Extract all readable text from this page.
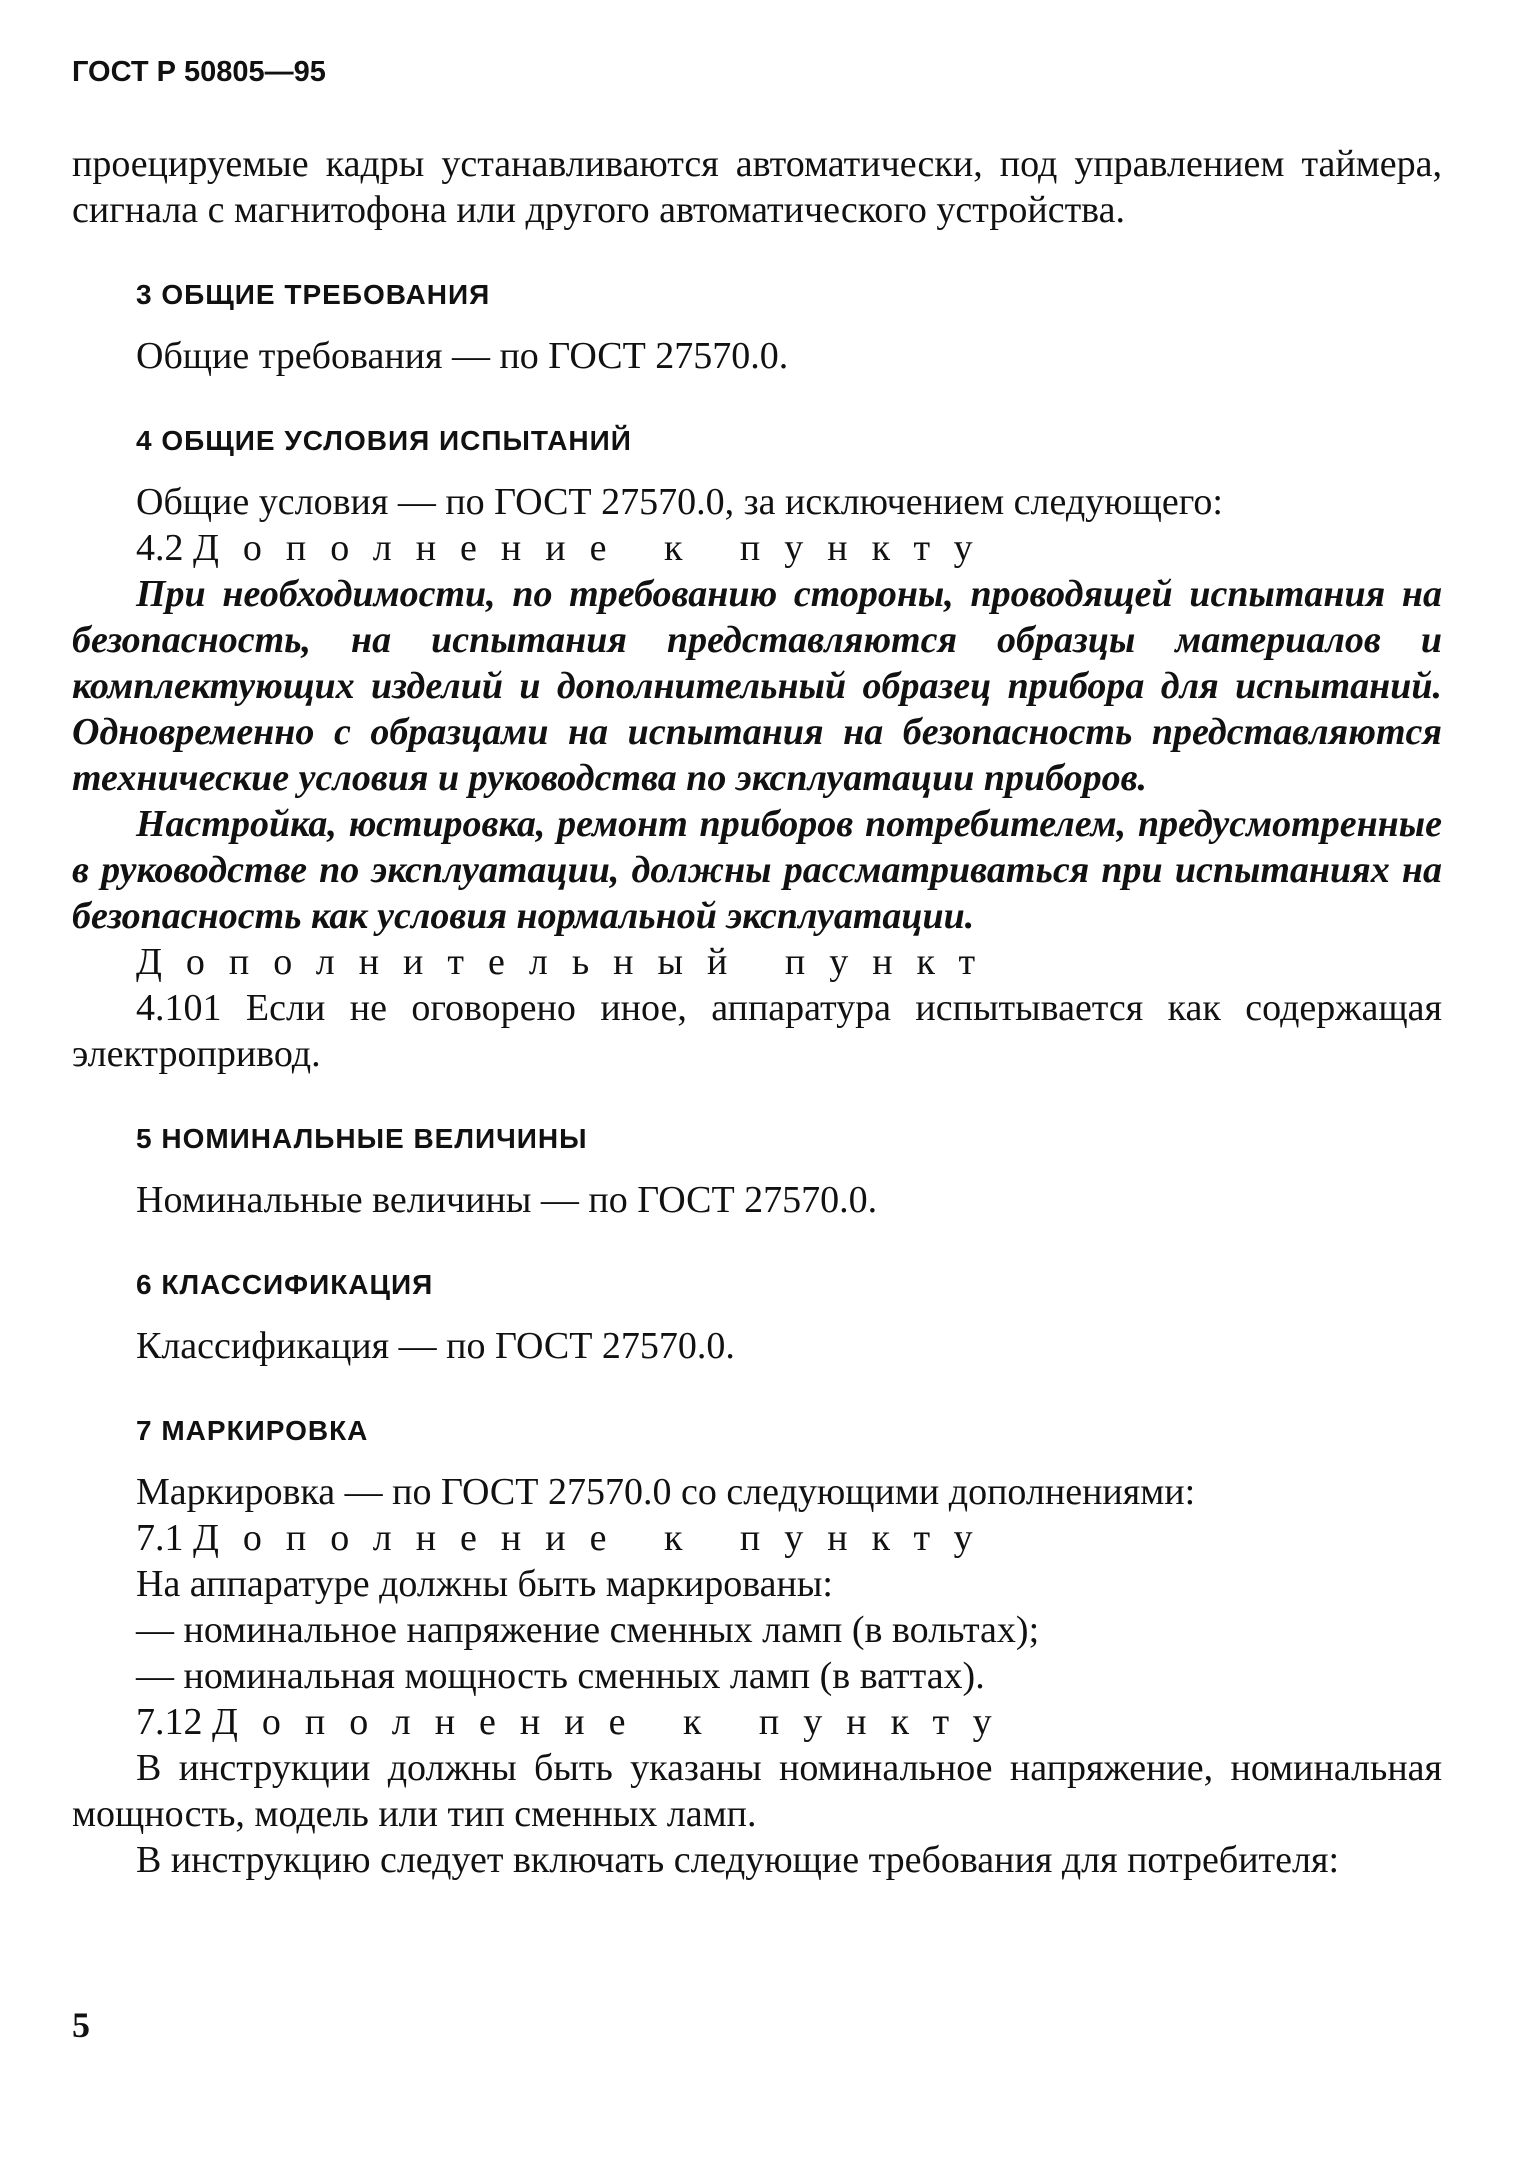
ГОСТ Р 50805—95
проецируемые кадры устанавливаются автоматически, под управлением таймера, сигнала с магнитофона или другого автоматического устройства.
3 ОБЩИЕ ТРЕБОВАНИЯ
Общие требования — по ГОСТ 27570.0.
4 ОБЩИЕ УСЛОВИЯ ИСПЫТАНИЙ
Общие условия — по ГОСТ 27570.0, за исключением следующего:
4.2 Дополнение к пункту
При необходимости, по требованию стороны, проводящей испытания на безопасность, на испытания представляются образцы материалов и комплектующих изделий и дополнительный образец прибора для испытаний. Одновременно с образцами на испытания на безопасность представляются технические условия и руководства по эксплуатации приборов.
Настройка, юстировка, ремонт приборов потребителем, предусмотренные в руководстве по эксплуатации, должны рассматриваться при испытаниях на безопасность как условия нормальной эксплуатации.
Дополнительный пункт
4.101 Если не оговорено иное, аппаратура испытывается как содержащая электропривод.
5 НОМИНАЛЬНЫЕ ВЕЛИЧИНЫ
Номинальные величины — по ГОСТ 27570.0.
6 КЛАССИФИКАЦИЯ
Классификация — по ГОСТ 27570.0.
7 МАРКИРОВКА
Маркировка — по ГОСТ 27570.0 со следующими дополнениями:
7.1 Дополнение к пункту
На аппаратуре должны быть маркированы:
— номинальное напряжение сменных ламп (в вольтах);
— номинальная мощность сменных ламп (в ваттах).
7.12 Дополнение к пункту
В инструкции должны быть указаны номинальное напряжение, номинальная мощность, модель или тип сменных ламп.
В инструкцию следует включать следующие требования для потребителя:
5
